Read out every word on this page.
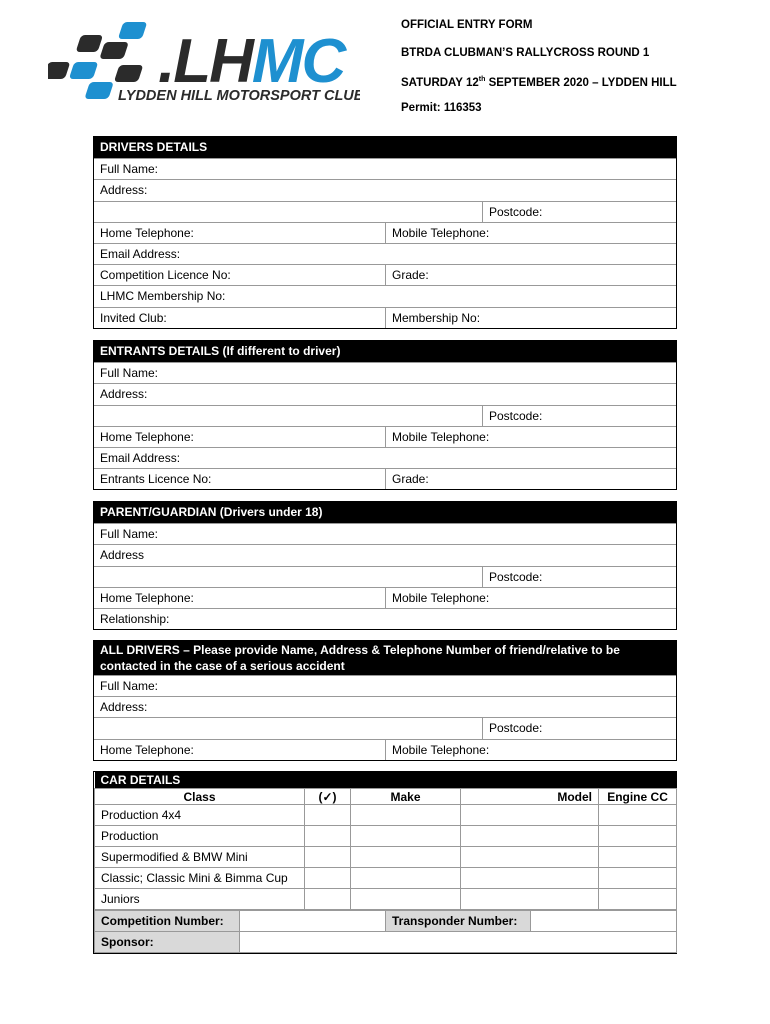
.LHMC
LYDDEN HILL MOTORSPORT CLUB
OFFICIAL ENTRY FORM
BTRDA CLUBMAN’S RALLYCROSS ROUND 1
SATURDAY 12th SEPTEMBER 2020 – LYDDEN HILL
Permit: 116353
DRIVERS DETAILS
Full Name:
Address:
Postcode:
Home Telephone:	Mobile Telephone:
Email Address:
Competition Licence No:	Grade:
LHMC Membership No:
Invited Club:	Membership No:
ENTRANTS DETAILS (If different to driver)
Full Name:
Address:
Postcode:
Home Telephone:	Mobile Telephone:
Email Address:
Entrants Licence No:	Grade:
PARENT/GUARDIAN (Drivers under 18)
Full Name:
Address
Postcode:
Home Telephone:	Mobile Telephone:
Relationship:
ALL DRIVERS – Please provide Name, Address & Telephone Number of friend/relative to be contacted in the case of a serious accident
Full Name:
Address:
Postcode:
Home Telephone:	Mobile Telephone:
CAR DETAILS				
Class	(✓)	Make	Model	Engine CC
Production 4x4				
Production				
Supermodified & BMW Mini				
Classic; Classic Mini & Bimma Cup				
Juniors				
Competition Number:		Transponder Number:	
Sponsor:			
